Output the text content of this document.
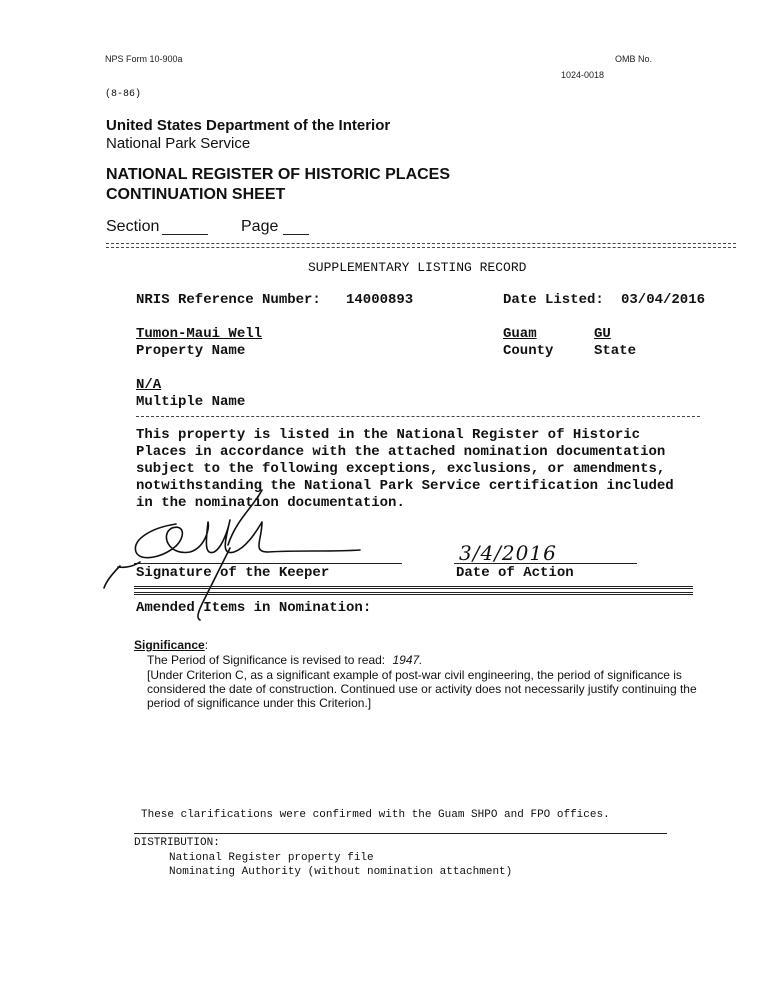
NPS Form 10-900a	OMB No.
1024-0018
(8-86)
United States Department of the Interior
National Park Service
NATIONAL REGISTER OF HISTORIC PLACES
CONTINUATION SHEET
Section	Page
SUPPLEMENTARY LISTING RECORD
NRIS Reference Number: 14000893	Date Listed: 03/04/2016
Tumon-Maui Well	Guam	GU
Property Name	County	State
N/A
Multiple Name
This property is listed in the National Register of Historic
Places in accordance with the attached nomination documentation
subject to the following exceptions, exclusions, or amendments,
notwithstanding the National Park Service certification included
in the nomination documentation.
Signature of the Keeper	Date of Action
3/4/2016
Amended Items in Nomination:
Significance:
The Period of Significance is revised to read: 1947.
[Under Criterion C, as a significant example of post-war civil engineering, the period of significance is
considered the date of construction. Continued use or activity does not necessarily justify continuing the
period of significance under this Criterion.]
These clarifications were confirmed with the Guam SHPO and FPO offices.
DISTRIBUTION:
National Register property file
Nominating Authority (without nomination attachment)
